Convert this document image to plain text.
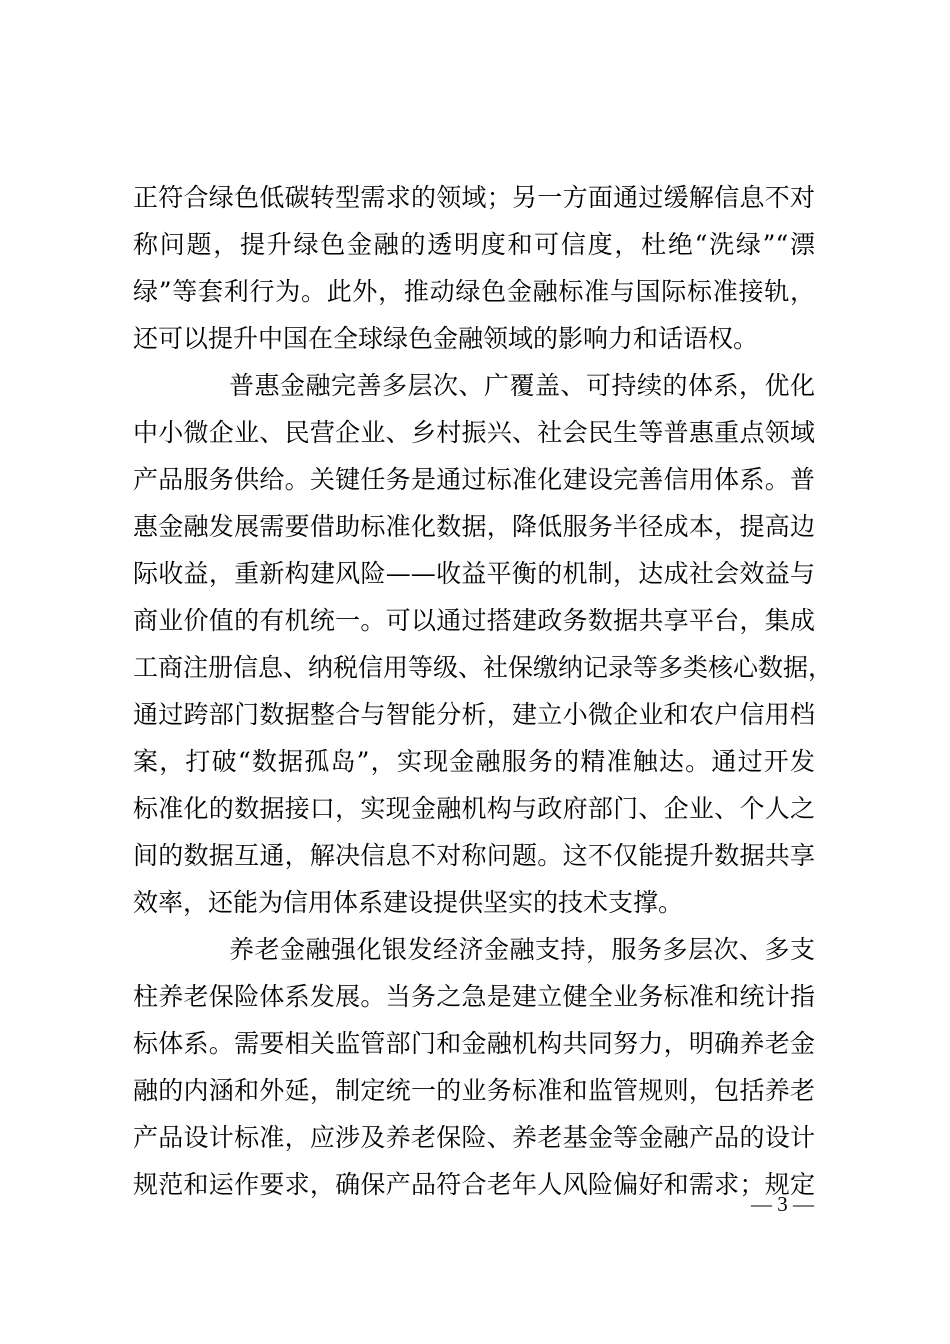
正符合绿色低碳转型需求的领域；另一方面通过缓解信息不对
称问题，提升绿色金融的透明度和可信度，杜绝“洗绿”“漂
绿”等套利行为。此外，推动绿色金融标准与国际标准接轨，
还可以提升中国在全球绿色金融领域的影响力和话语权。
普惠金融完善多层次、广覆盖、可持续的体系，优化
中小微企业、民营企业、乡村振兴、社会民生等普惠重点领域
产品服务供给。关键任务是通过标准化建设完善信用体系。普
惠金融发展需要借助标准化数据，降低服务半径成本，提高边
际收益，重新构建风险——收益平衡的机制，达成社会效益与
商业价值的有机统一。可以通过搭建政务数据共享平台，集成
工商注册信息、纳税信用等级、社保缴纳记录等多类核心数据，
通过跨部门数据整合与智能分析，建立小微企业和农户信用档
案，打破“数据孤岛”，实现金融服务的精准触达。通过开发
标准化的数据接口，实现金融机构与政府部门、企业、个人之
间的数据互通，解决信息不对称问题。这不仅能提升数据共享
效率，还能为信用体系建设提供坚实的技术支撑。
养老金融强化银发经济金融支持，服务多层次、多支
柱养老保险体系发展。当务之急是建立健全业务标准和统计指
标体系。需要相关监管部门和金融机构共同努力，明确养老金
融的内涵和外延，制定统一的业务标准和监管规则，包括养老
产品设计标准，应涉及养老保险、养老基金等金融产品的设计
规范和运作要求，确保产品符合老年人风险偏好和需求；规定
— 3 —
